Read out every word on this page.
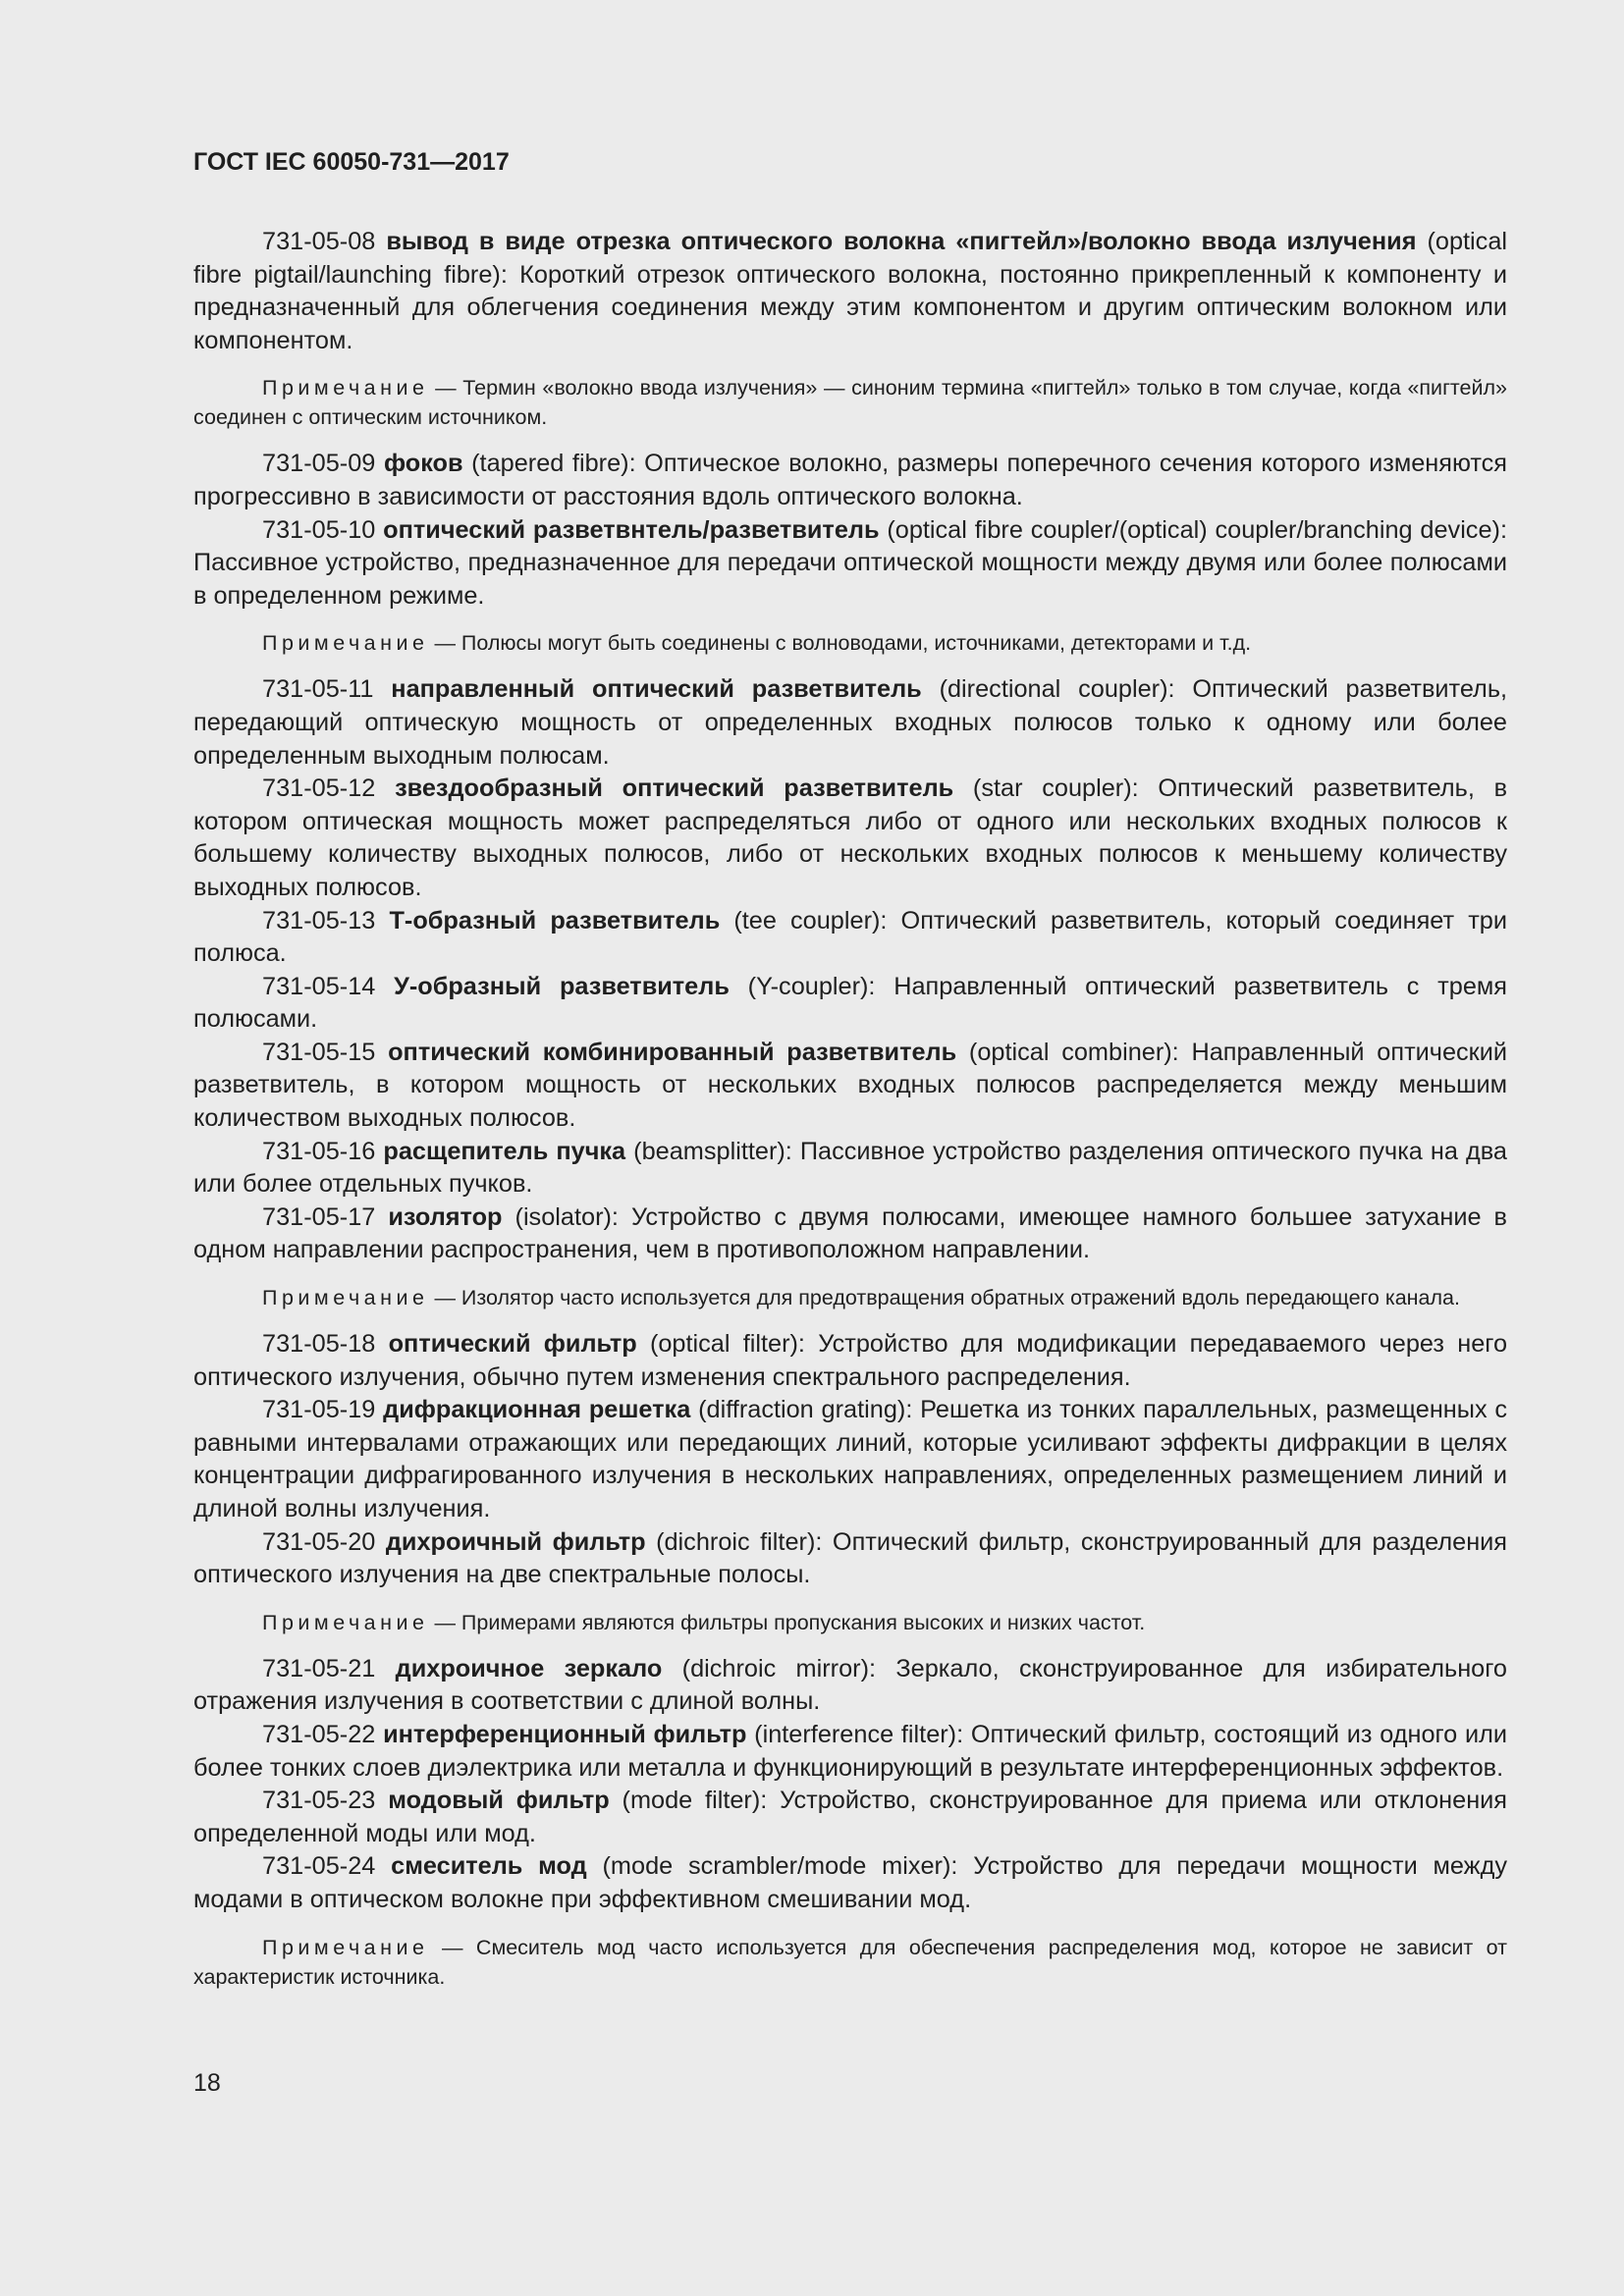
ГОСТ IEC 60050-731—2017

731-05-08 вывод в виде отрезка оптического волокна «пигтейл»/волокно ввода излучения (optical fibre pigtail/launching fibre): Короткий отрезок оптического волокна, постоянно прикрепленный к компоненту и предназначенный для облегчения соединения между этим компонентом и другим оптическим волокном или компонентом.

Примечание — Термин «волокно ввода излучения» — синоним термина «пигтейл» только в том случае, когда «пигтейл» соединен с оптическим источником.

731-05-09 фоков (tapered fibre): Оптическое волокно, размеры поперечного сечения которого изменяются прогрессивно в зависимости от расстояния вдоль оптического волокна.

731-05-10 оптический разветвнтель/разветвитель (optical fibre coupler/(optical) coupler/branching device): Пассивное устройство, предназначенное для передачи оптической мощности между двумя или более полюсами в определенном режиме.

Примечание — Полюсы могут быть соединены с волноводами, источниками, детекторами и т.д.

731-05-11 направленный оптический разветвитель (directional coupler): Оптический разветвитель, передающий оптическую мощность от определенных входных полюсов только к одному или более определенным выходным полюсам.

731-05-12 звездообразный оптический разветвитель (star coupler): Оптический разветвитель, в котором оптическая мощность может распределяться либо от одного или нескольких входных полюсов к большему количеству выходных полюсов, либо от нескольких входных полюсов к меньшему количеству выходных полюсов.

731-05-13 Т-образный разветвитель (tee coupler): Оптический разветвитель, который соединяет три полюса.

731-05-14 У-образный разветвитель (Y-coupler): Направленный оптический разветвитель с тремя полюсами.

731-05-15 оптический комбинированный разветвитель (optical combiner): Направленный оптический разветвитель, в котором мощность от нескольких входных полюсов распределяется между меньшим количеством выходных полюсов.

731-05-16 расщепитель пучка (beamsplitter): Пассивное устройство разделения оптического пучка на два или более отдельных пучков.

731-05-17 изолятор (isolator): Устройство с двумя полюсами, имеющее намного большее затухание в одном направлении распространения, чем в противоположном направлении.

Примечание — Изолятор часто используется для предотвращения обратных отражений вдоль передающего канала.

731-05-18 оптический фильтр (optical filter): Устройство для модификации передаваемого через него оптического излучения, обычно путем изменения спектрального распределения.

731-05-19 дифракционная решетка (diffraction grating): Решетка из тонких параллельных, размещенных с равными интервалами отражающих или передающих линий, которые усиливают эффекты дифракции в целях концентрации дифрагированного излучения в нескольких направлениях, определенных размещением линий и длиной волны излучения.

731-05-20 дихроичный фильтр (dichroic filter): Оптический фильтр, сконструированный для разделения оптического излучения на две спектральные полосы.

Примечание — Примерами являются фильтры пропускания высоких и низких частот.

731-05-21 дихроичное зеркало (dichroic mirror): Зеркало, сконструированное для избирательного отражения излучения в соответствии с длиной волны.

731-05-22 интерференционный фильтр (interference filter): Оптический фильтр, состоящий из одного или более тонких слоев диэлектрика или металла и функционирующий в результате интерференционных эффектов.

731-05-23 модовый фильтр (mode filter): Устройство, сконструированное для приема или отклонения определенной моды или мод.

731-05-24 смеситель мод (mode scrambler/mode mixer): Устройство для передачи мощности между модами в оптическом волокне при эффективном смешивании мод.

Примечание — Смеситель мод часто используется для обеспечения распределения мод, которое не зависит от характеристик источника.

18
